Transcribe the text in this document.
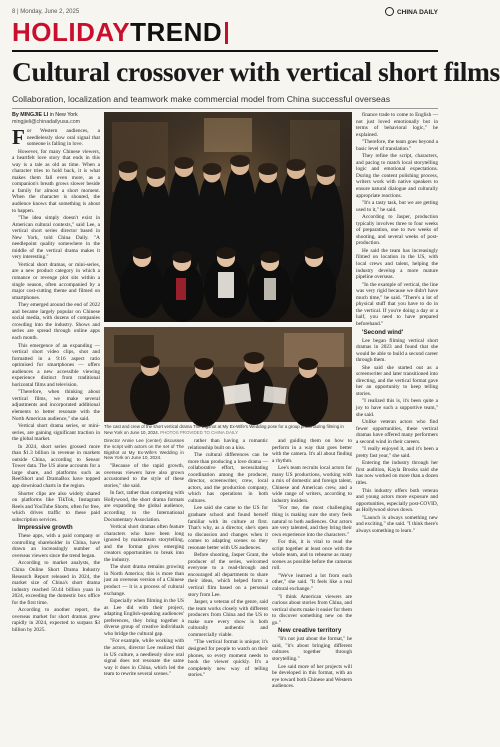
8 | Monday, June 2, 2025	CHINA DAILY
HOLIDAYTREND
Cultural crossover with vertical short films
Collaboration, localization and teamwork make commercial model from China successful overseas
By MINGJIE LI in New York
mingjieli@chinadailyusa.com
F or Western audiences, a needlelessly slow oral signal that someone is falling in love.

However, for many Chinese viewers, a heartfelt love story that ends in this way is a tale as old as time. When a character tries to hold back, it is what makes them fall even more, as a companion's breath grows slower beside a family for almost a short moment. When the character is shouted, the audience knows that something is about to happen.

"The idea simply doesn't exist in American cultural contexts," said Lee, a vertical short series director based in New York, told China Daily. "A needlepoint quality somewhere in the middle of the vertical drama makes it very interesting."

Vertical short dramas, or mini-series, are a new product category in which a romance or revenge plot sits within a single season, often accompanied by a major cost-cutting theme and filmed on smartphones.

They emerged around the end of 2022 and became largely popular on Chinese social media, with dozens of companies crowding into the industry. Shows and series are spread through online apps each month.

This emergence of an expanding — vertical short video clips, shot and formatted in a 9:16 aspect ratio optimised for smartphones — offers audiences a new accessible viewing experience distinct from traditional horizontal films and television.

"Therefore, when thinking about vertical films, we make several adjustments and incorporated additional elements to better resonate with the North American audience," she said.

Vertical short drama series, or mini-series, are gaining significant traction in the global market.

In 2024, short series grossed more than $1.3 billion in revenue in markets outside China, according to Sensor Tower data. The US alone accounts for a large share, and platforms such as ReelShort and DramaBox have topped app download charts in the region.

Shorter clips are also widely shared on platforms like TikTok, Instagram Reels and YouTube Shorts, often for free, which drives traffic to these paid subscription services.

Impressive growth

These apps, with a paid company or controlling shareholder in China, have drawn an increasingly number of overseas viewers since the trend began.

According to market analysts, the China Online Short Drama Industry Research Report released in 2024, the market size of China's short drama industry reached 50.44 billion yuan in 2024, exceeding the domestic box office for the first time.

According to another report, the overseas market for short dramas grew rapidly in 2024, expected to surpass $3 billion by 2025.

The cast and crew of the short vertical drama The Bigshot at My Ex-Wife's Wedding pose for a group photo during filming in New York on June 10, 2024. PHOTOS PROVIDED TO CHINA DAILY

Director Annie Lee (center) discusses the script with actors on the set of The Bigshot at My Ex-Wife's Wedding in New York on June 10, 2024.

"Because of the rapid growth, overseas viewers have also grown accustomed to the style of these stories," she said.

In fact, rather than competing with Hollywood, the short drama formats are expanding the global audience, according to the International Documentary Association.

Vertical short dramas often feature characters who have been long ignored by mainstream storytelling, and the format gives emerging creators opportunities to break into the industry.

The short drama remains growing in North America; this is more than just an overseas version of a Chinese product — it is a process of cultural exchange.

Especially when filming in the US as Lee did with their project, adapting English-speaking audiences' preferences, they bring together a diverse group of creative individuals who bridge the cultural gap.

"For example, while working with the actors, director Lee realized that in US culture, a needlessly slow oral signal does not resonate the same way it does in China, which led the team to rewrite several scenes."

rather than having a romantic relationship built on a kiss.

The cultural differences can be more than producing a love drama — collaborative effort, necessitating coordination among the producer, director, screenwriter, crew, local actors, and the production company, which has operations in both cultures.

Lee said she came to the US for graduate school and found herself familiar with its culture at first. That's why, as a director, she's open to discussion and changes when it comes to adapting scenes so they resonate better with US audiences.

Before shooting, Jasper Grant, the producer of the series, welcomed everyone to a read-through and encouraged all departments to share their ideas, which helped form a vertical film based on a personal story from Lee.

Jasper, a veteran of the genre, said the team works closely with different producers from China and the US to make sure every show is both culturally authentic and commercially viable.

"The vertical format is unique; it's designed for people to watch on their phones, so every moment needs to hook the viewer quickly. It's a completely new way of telling stories."

and guiding them on how to perform in a way that goes better with the camera. It's all about finding a rhythm.

Lee's team recruits local actors for many US productions, working with a mix of domestic and foreign talent, Chinese and American crew, and a wide range of writers, according to industry insiders.

"For me, the most challenging thing is making sure the story feels natural to both audiences. Our actors are very talented, and they bring their own experience into the characters."

For this, it is vital to read the script together at least once with the whole team, and to rehearse as many scenes as possible before the cameras roll.

"We've learned a lot from each other," she said. "It feels like a real cultural exchange."

"I think American viewers are curious about stories from China, and vertical shorts make it easier for them to discover something new on the go."

New creative territory

"It's not just about the format," he said, "it's about bringing different cultures together through storytelling."

Lee said more of her projects will be developed in this format, with an eye toward both Chinese and Western audiences.

finance trade to come to English — not just loved emotionally but in terms of behavioral logic," he explained.

"Therefore, the team goes beyond a basic level of translation."

They refine the script, characters, and pacing to match local storytelling logic and emotional expectations. During the content polishing process, writers work with native speakers to ensure natural dialogue and culturally appropriate reactions.

"It's a tasty task, but we are getting used to it," he said.

According to Jasper, production typically involves three to four weeks of preparation, one to two weeks of shooting, and several weeks of post-production.

He said the team has increasingly filmed on location in the US, with local crews and talent, helping the industry develop a more mature pipeline overseas.

"In the example of vertical, the line was very rigid because we didn't have much time," he said. "There's a lot of physical stuff that you have to do in the vertical. If you're doing a day or a half, you need to have prepared beforehand."

'Second wind'

Lee began filming vertical short dramas in 2023 and found that she would be able to build a second career through them.

She said she started out as a screenwriter and later transitioned into directing, and the vertical format gave her an opportunity to keep telling stories.

"I realized this is, it's been quite a joy to have such a supportive team," she said.

Unlike veteran actors who find fewer opportunities, these vertical dramas have offered many performers a second wind in their careers.

"I really enjoyed it, and it's been a pretty fast year," she said.

Entering the industry through her first audition, Kayla Brooks said she has now worked on more than a dozen titles.

This industry offers both veteran and young actors more exposure and opportunities, especially post-COVID, as Hollywood slows down.

"Launch is always something new and exciting," she said. "I think there's always something to learn."
